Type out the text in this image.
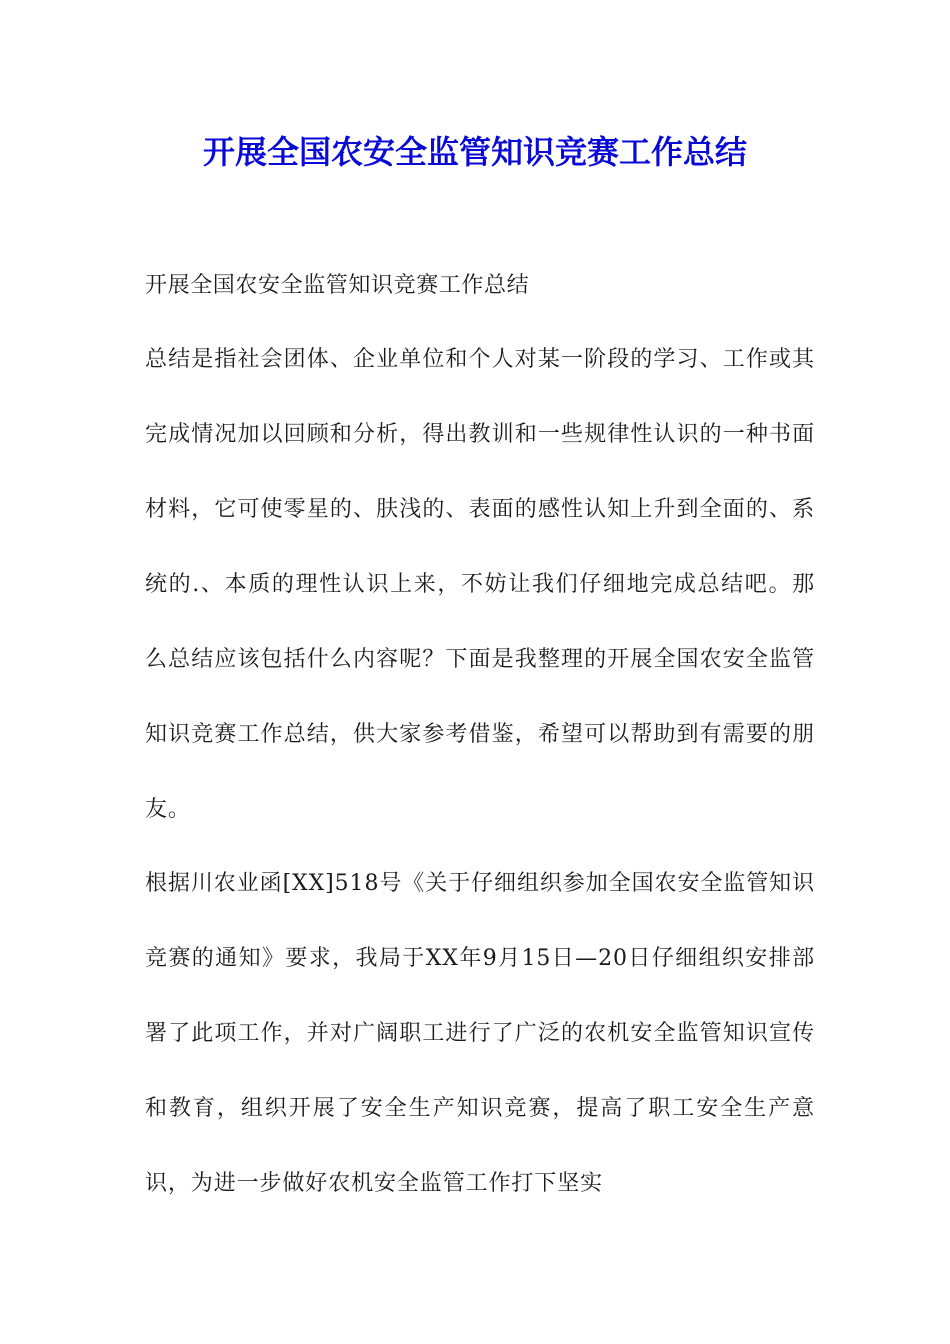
开展全国农安全监管知识竞赛工作总结
开展全国农安全监管知识竞赛工作总结
总结是指社会团体、企业单位和个人对某一阶段的学习、工作或其完成情况加以回顾和分析，得出教训和一些规律性认识的一种书面材料，它可使零星的、肤浅的、表面的感性认知上升到全面的、系统的.、本质的理性认识上来，不妨让我们仔细地完成总结吧。那么总结应该包括什么内容呢？下面是我整理的开展全国农安全监管知识竞赛工作总结，供大家参考借鉴，希望可以帮助到有需要的朋友。
根据川农业函[XX]518号《关于仔细组织参加全国农安全监管知识竞赛的通知》要求，我局于XX年9月15日—20日仔细组织安排部署了此项工作，并对广阔职工进行了广泛的农机安全监管知识宣传和教育，组织开展了安全生产知识竞赛，提高了职工安全生产意识，为进一步做好农机安全监管工作打下坚实
